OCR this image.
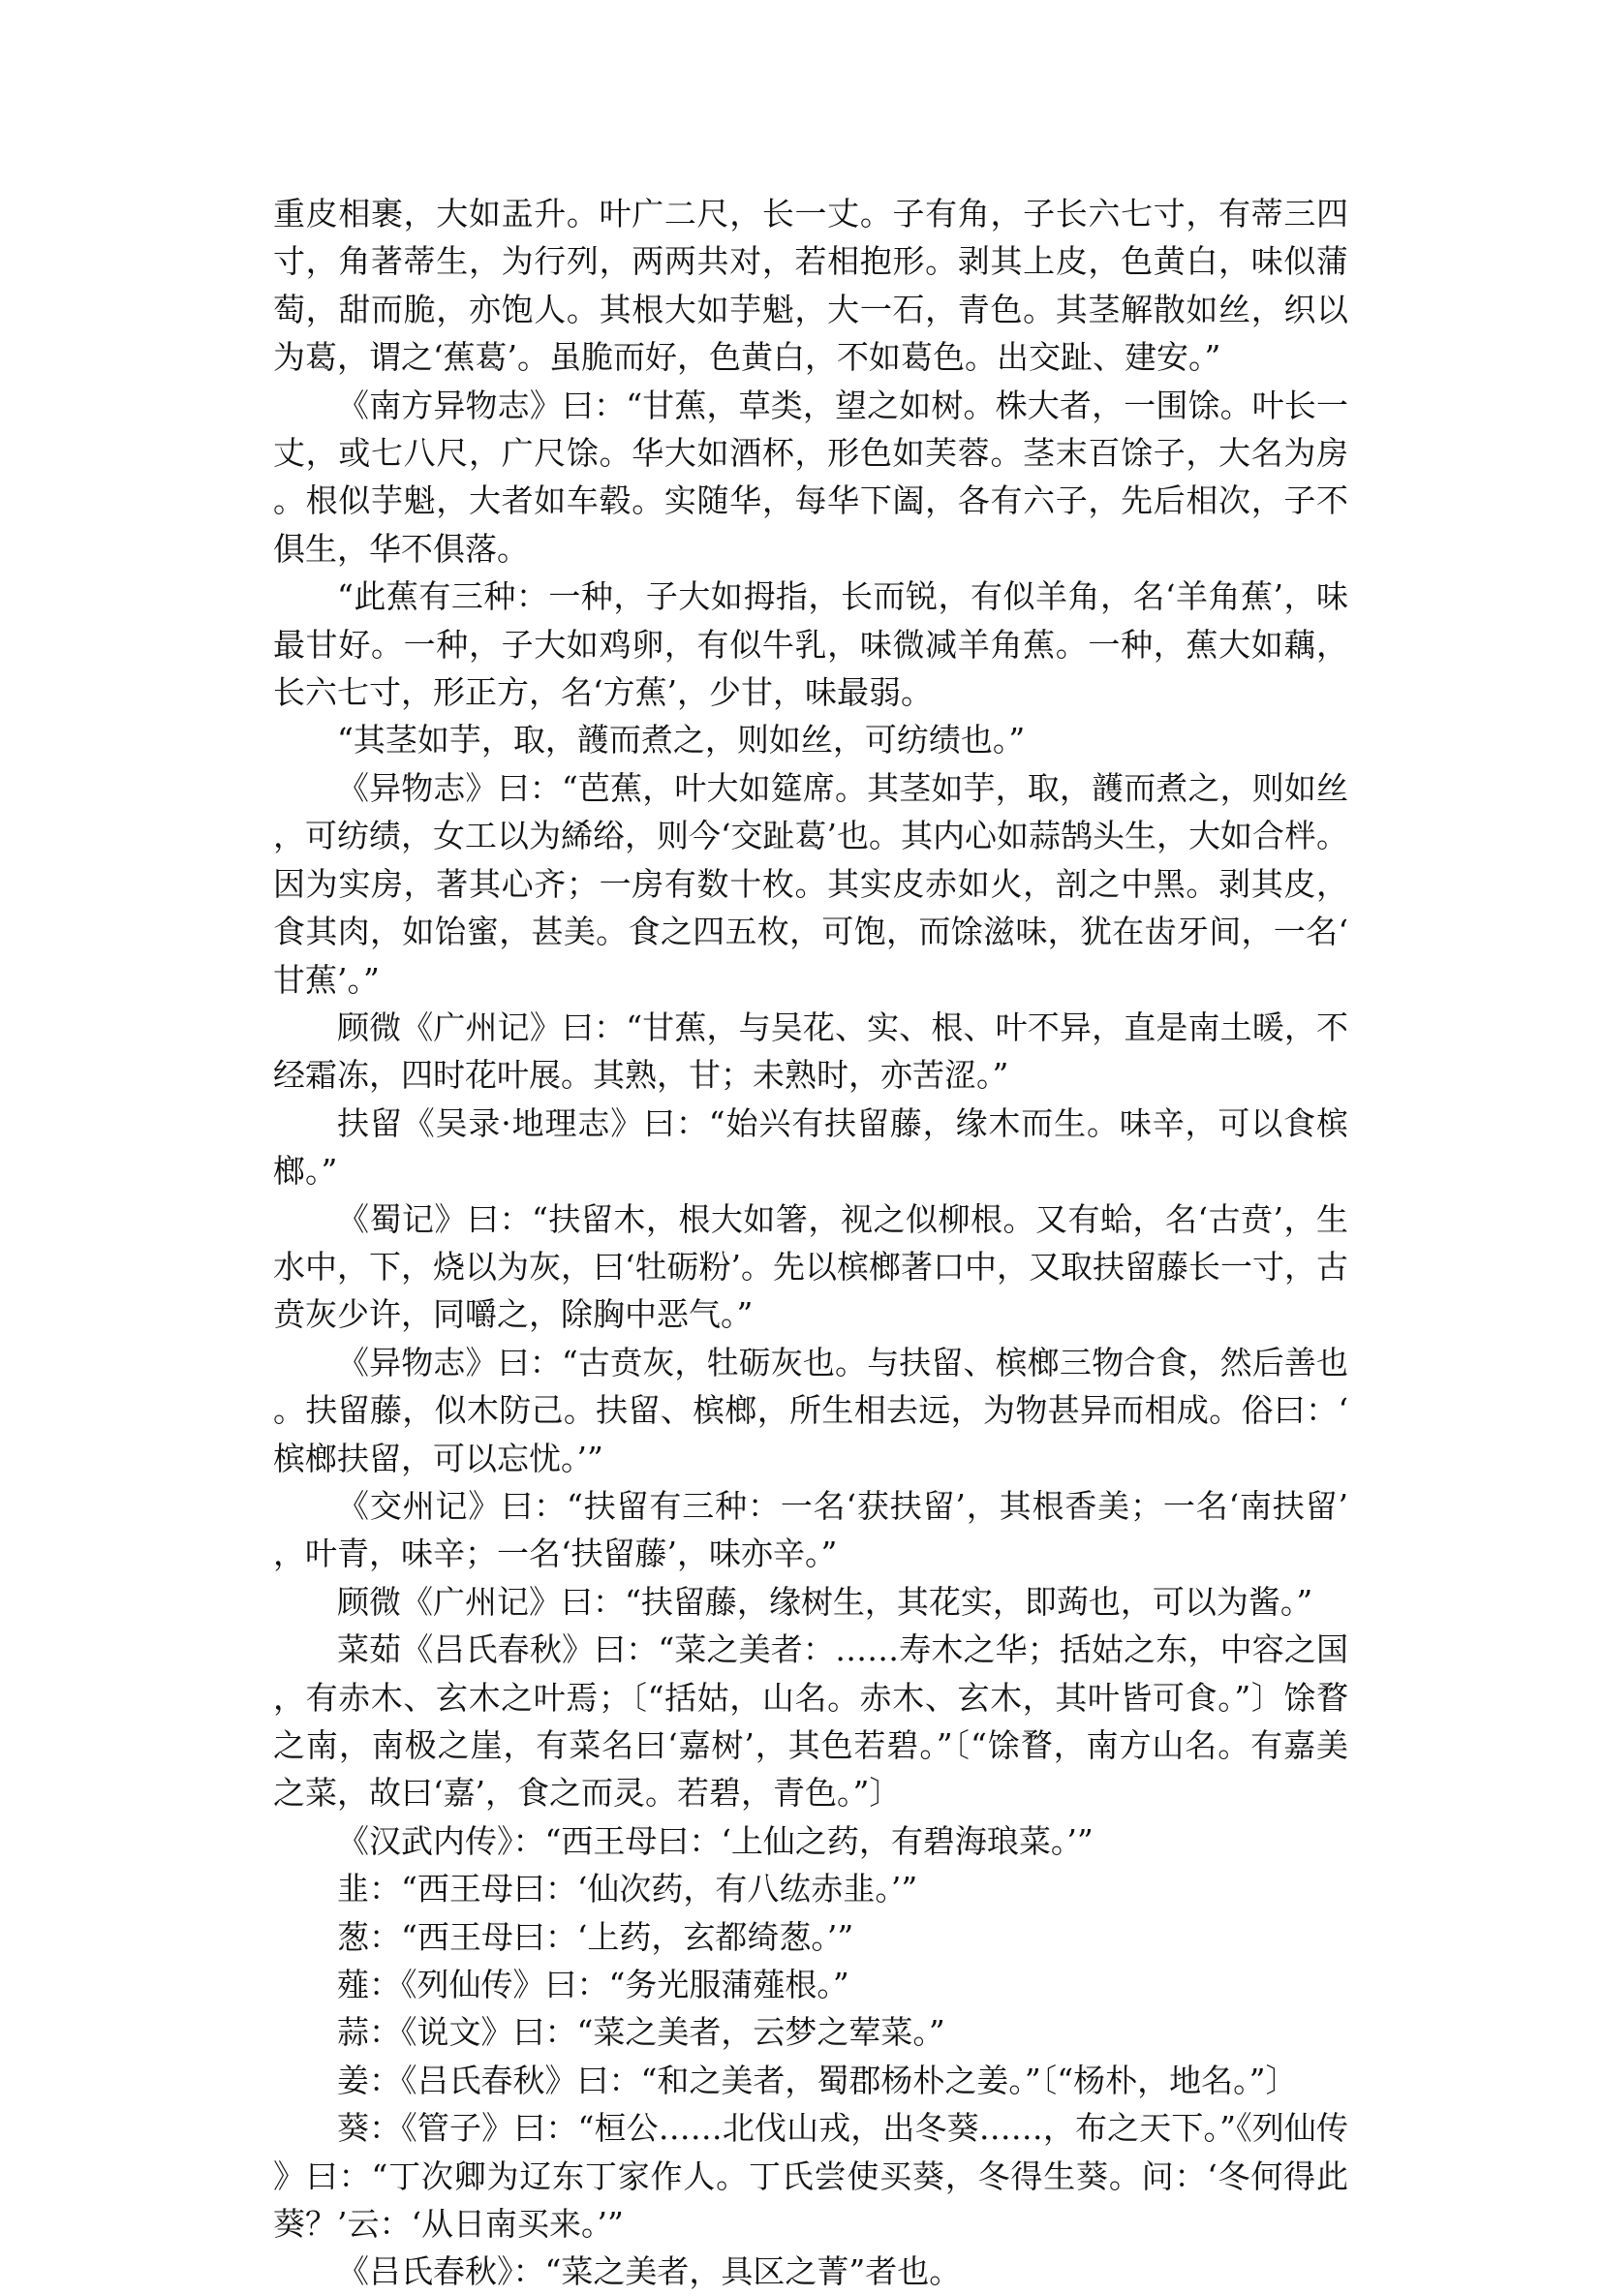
重皮相裹，大如盂升。叶广二尺，长一丈。子有角，子长六七寸，有蒂三四寸，角著蒂生，为行列，两两共对，若相抱形。剥其上皮，色黄白，味似蒲萄，甜而脆，亦饱人。其根大如芋魁，大一石，青色。其茎解散如丝，织以为葛，谓之‘蕉葛’。虽脆而好，色黄白，不如葛色。出交趾、建安。”

《南方异物志》曰：“甘蕉，草类，望之如树。株大者，一围馀。叶长一丈，或七八尺，广尺馀。华大如酒杯，形色如芙蓉。茎末百馀子，大名为房。根似芋魁，大者如车毂。实随华，每华下阖，各有六子，先后相次，子不俱生，华不俱落。

“此蕉有三种：一种，子大如拇指，长而锐，有似羊角，名‘羊角蕉’，味最甘好。一种，子大如鸡卵，有似牛乳，味微减羊角蕉。一种，蕉大如藕，长六七寸，形正方，名‘方蕉’，少甘，味最弱。

“其茎如芋，取，頀而煮之，则如丝，可纺绩也。”

《异物志》曰：“芭蕉，叶大如筵席。其茎如芋，取，頀而煮之，则如丝，可纺绩，女工以为絺绤，则今‘交趾葛’也。其内心如蒜鹄头生，大如合柈。因为实房，著其心齐；一房有数十枚。其实皮赤如火，剖之中黑。剥其皮，食其肉，如饴蜜，甚美。食之四五枚，可饱，而馀滋味，犹在齿牙间，一名‘甘蕉’。”

顾微《广州记》曰：“甘蕉，与吴花、实、根、叶不异，直是南土暖，不经霜冻，四时花叶展。其熟，甘；未熟时，亦苦涩。”

扶留《吴录·地理志》曰：“始兴有扶留藤，缘木而生。味辛，可以食槟榔。”

《蜀记》曰：“扶留木，根大如箸，视之似柳根。又有蛤，名‘古贲’，生水中，下，烧以为灰，曰‘牡砺粉’。先以槟榔著口中，又取扶留藤长一寸，古贲灰少许，同嚼之，除胸中恶气。”

《异物志》曰：“古贲灰，牡砺灰也。与扶留、槟榔三物合食，然后善也。扶留藤，似木防己。扶留、槟榔，所生相去远，为物甚异而相成。俗曰：‘槟榔扶留，可以忘忧。’”

《交州记》曰：“扶留有三种：一名‘获扶留’，其根香美；一名‘南扶留’，叶青，味辛；一名‘扶留藤’，味亦辛。”

顾微《广州记》曰：“扶留藤，缘树生，其花实，即蒟也，可以为酱。”

菜茹《吕氏春秋》曰：“菜之美者：……寿木之华；括姑之东，中容之国，有赤木、玄木之叶焉；〔“括姑，山名。赤木、玄木，其叶皆可食。”〕馀瞀之南，南极之崖，有菜名曰‘嘉树’，其色若碧。”〔“馀瞀，南方山名。有嘉美之菜，故曰‘嘉’，食之而灵。若碧，青色。”〕

《汉武内传》：“西王母曰：‘上仙之药，有碧海琅菜。’”

韭：“西王母曰：‘仙次药，有八纮赤韭。’”

葱：“西王母曰：‘上药，玄都绮葱。’”

薤：《列仙传》曰：“务光服蒲薤根。”

蒜：《说文》曰：“菜之美者，云梦之荤菜。”

姜：《吕氏春秋》曰：“和之美者，蜀郡杨朴之姜。”〔“杨朴，地名。”〕

葵：《管子》曰：“桓公……北伐山戎，出冬葵……，布之天下。”《列仙传》曰：“丁次卿为辽东丁家作人。丁氏尝使买葵，冬得生葵。问：‘冬何得此葵？’云：‘从日南买来。’”

《吕氏春秋》：“菜之美者，具区之菁”者也。
